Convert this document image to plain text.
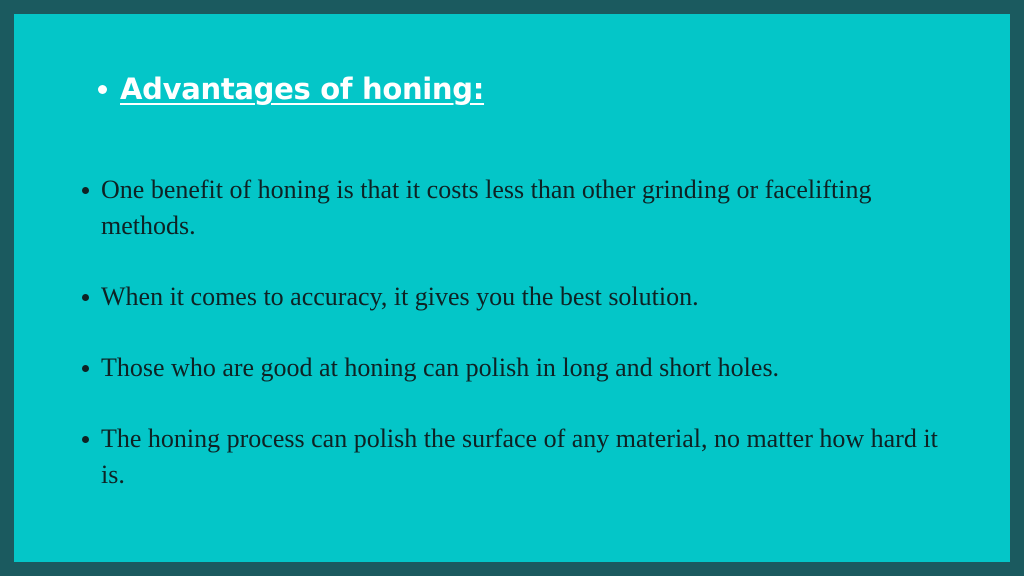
Advantages of honing:
One benefit of honing is that it costs less than other grinding or facelifting methods.
When it comes to accuracy, it gives you the best solution.
Those who are good at honing can polish in long and short holes.
The honing process can polish the surface of any material, no matter how hard it is.
